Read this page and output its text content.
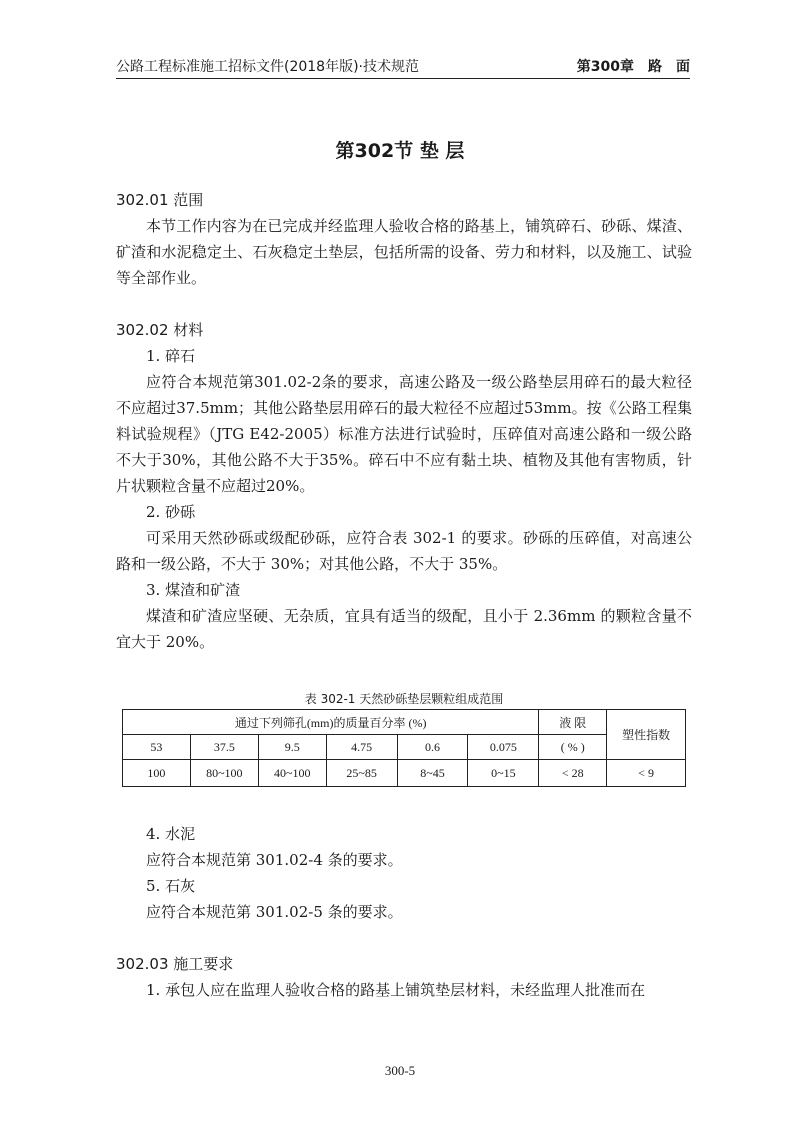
公路工程标准施工招标文件(2018年版)·技术规范	第300章　路　面
第302节 垫 层
302.01 范围
本节工作内容为在已完成并经监理人验收合格的路基上，铺筑碎石、砂砾、煤渣、矿渣和水泥稳定土、石灰稳定土垫层，包括所需的设备、劳力和材料，以及施工、试验等全部作业。
302.02 材料
1. 碎石
应符合本规范第301.02-2条的要求，高速公路及一级公路垫层用碎石的最大粒径不应超过37.5mm；其他公路垫层用碎石的最大粒径不应超过53mm。按《公路工程集料试验规程》（JTG E42-2005）标准方法进行试验时，压碎值对高速公路和一级公路不大于30%，其他公路不大于35%。碎石中不应有黏土块、植物及其他有害物质，针片状颗粒含量不应超过20%。
2. 砂砾
可采用天然砂砾或级配砂砾，应符合表 302-1 的要求。砂砾的压碎值，对高速公路和一级公路，不大于 30%；对其他公路，不大于 35%。
3. 煤渣和矿渣
煤渣和矿渣应坚硬、无杂质，宜具有适当的级配，且小于 2.36mm 的颗粒含量不宜大于 20%。
表 302-1 天然砂砾垫层颗粒组成范围
通过下列筛孔(mm)的质量百分率 (%)						液 限	塑性指数
53	37.5	9.5	4.75	0.6	0.075	( % )	
100	80~100	40~100	25~85	8~45	0~15	< 28	< 9
4. 水泥
应符合本规范第 301.02-4 条的要求。
5. 石灰
应符合本规范第 301.02-5 条的要求。
302.03 施工要求
1. 承包人应在监理人验收合格的路基上铺筑垫层材料，未经监理人批准而在
300-5
